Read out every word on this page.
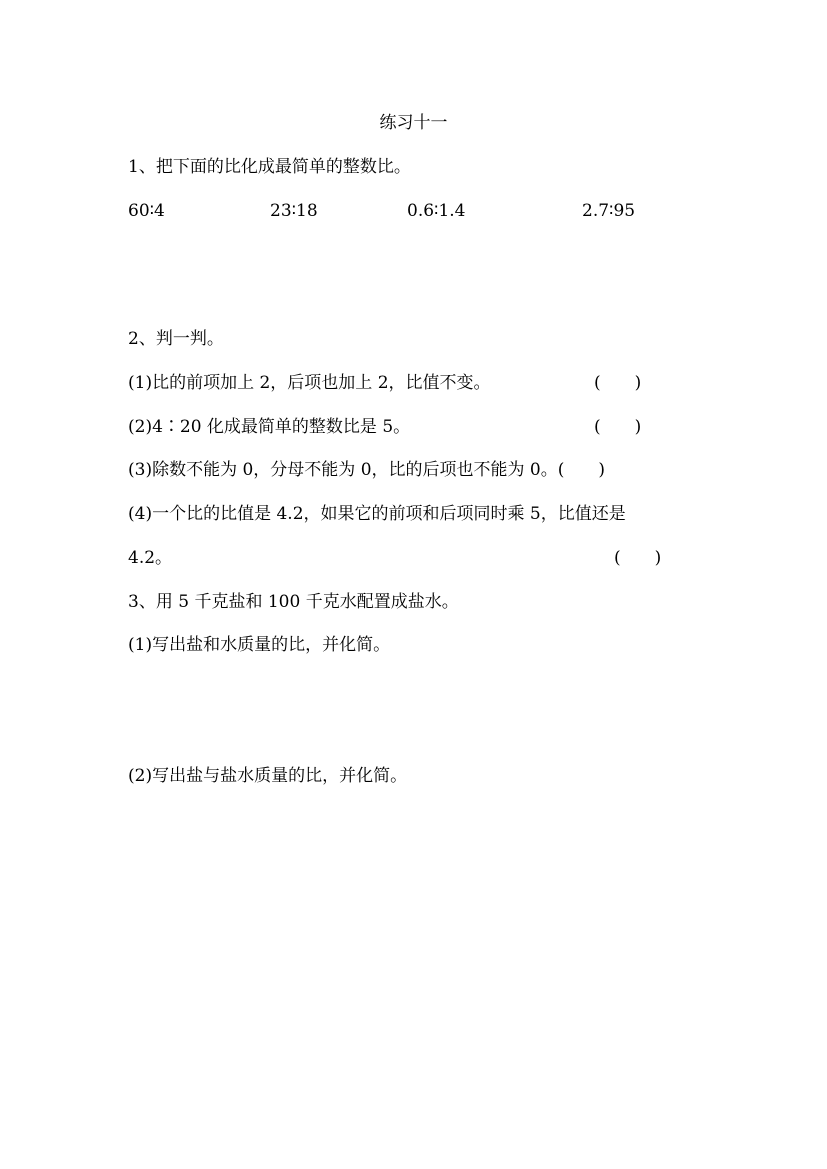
练习十一
1、把下面的比化成最简单的整数比。
60∶4	23∶18	0.6∶1.4	2.7∶95
2、判一判。
(1)比的前项加上 2，后项也加上 2，比值不变。	(　　)
(2)4∶20 化成最简单的整数比是 5。	(　　)
(3)除数不能为 0，分母不能为 0，比的后项也不能为 0。(　　)
(4)一个比的比值是 4.2，如果它的前项和后项同时乘 5，比值还是
4.2。	(　　)
3、用 5 千克盐和 100 千克水配置成盐水。
(1)写出盐和水质量的比，并化简。
(2)写出盐与盐水质量的比，并化简。
